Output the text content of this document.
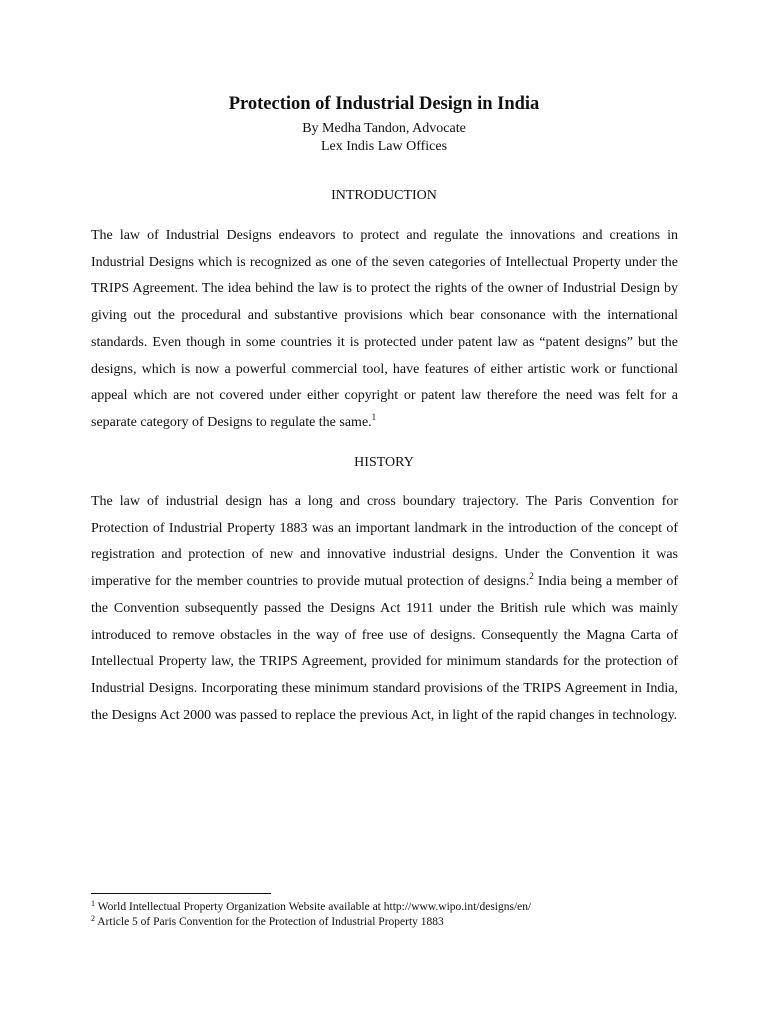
Protection of Industrial Design in India
By Medha Tandon, Advocate
Lex Indis Law Offices
INTRODUCTION
The law of Industrial Designs endeavors to protect and regulate the innovations and creations in Industrial Designs which is recognized as one of the seven categories of Intellectual Property under the TRIPS Agreement. The idea behind the law is to protect the rights of the owner of Industrial Design by giving out the procedural and substantive provisions which bear consonance with the international standards. Even though in some countries it is protected under patent law as “patent designs” but the designs, which is now a powerful commercial tool, have features of either artistic work or functional appeal which are not covered under either copyright or patent law therefore the need was felt for a separate category of Designs to regulate the same.$^1$
HISTORY
The law of industrial design has a long and cross boundary trajectory. The Paris Convention for Protection of Industrial Property 1883 was an important landmark in the introduction of the concept of registration and protection of new and innovative industrial designs. Under the Convention it was imperative for the member countries to provide mutual protection of designs.$^2$ India being a member of the Convention subsequently passed the Designs Act 1911 under the British rule which was mainly introduced to remove obstacles in the way of free use of designs. Consequently the Magna Carta of Intellectual Property law, the TRIPS Agreement, provided for minimum standards for the protection of Industrial Designs. Incorporating these minimum standard provisions of the TRIPS Agreement in India, the Designs Act 2000 was passed to replace the previous Act, in light of the rapid changes in technology.
$^1$ World Intellectual Property Organization Website available at http://www.wipo.int/designs/en/
$^2$ Article 5 of Paris Convention for the Protection of Industrial Property 1883
